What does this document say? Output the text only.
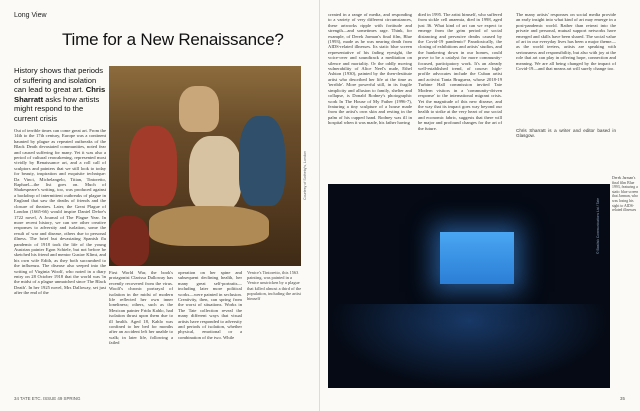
Long View
Time for a New Renaissance?
History shows that periods of suffering and isolation can lead to great art. Chris Sharratt asks how artists might respond to the current crisis
Out of terrible times can come great art. From the 14th to the 17th century, Europe was a continent haunted by plague as repeated outbreaks of the Black Death devastated communities, noted fear and caused suffering for many. Yet it was also a period of cultural reawakening, represented most vividly by Renaissance art, and a roll call of sculptors and painters that we still look to today for beauty, inspiration and exquisite technique: Da Vinci, Michelangelo, Titian, Tintoretto, Raphael—the list goes on. Much of Shakespeare's writing, too, was produced against a backdrop of intermittent outbreaks of plague in England that saw the deaths of friends and the closure of theatres. Later, the Great Plague of London (1665-66) would inspire Daniel Defoe's 1722 novel, A Journal of The Plague Year. In more recent history, we can see other creative responses to adversity and isolation, some the result of war and disease, others due to personal illness. The brief but devastating Spanish flu pandemic of 1918 took the life of the young Austrian painter Egon Schiele, but not before he sketched his friend and mentor Gustav Klimt, and his own wife Edith, as they both succumbed to the influenza. The disease also seeped into the writing of Virginia Woolf, who noted in a diary entry on 28 October 1918 that the world was 'in the midst of a plague unmatched since The Black Death'. In her 1925 novel, Mrs Dalloway, set just after the end of the
Courtesy of Sotheby's, London
Venice's Tintoretto, this 1563 painting, was painted in a Venice unstricken by a plague that killed almost a third of the population, including the artist himself
First World War, the book's protagonist Clarissa Dalloway has recently recovered from the virus. Woolf's chronic portrayal of isolation in the midst of modern life reflected her own inner loneliness; others, such as the Mexican painter Frida Kahlo, had isolation thrust upon them due to ill health. Aged 18, Kahlo was confined to her bed for months after an accident left her unable to walk; in later life, following a failed
operation on her spine and subsequent declining health, her many great self-portraits—including later more political works—were painted in seclusion. Creativity, then, can spring from the worst of situations. Works in The Tate collection reveal the many different ways that visual artists have responded to adversity and periods of isolation, whether physical, emotional or a combination of the two. While
34 TATE ETC. ISSUE 49 SPRING
created in a range of media, and responding to a variety of very different circumstances, these artworks ripple with fortitude and strength—and sometimes rage. Think, for example, of Derek Jarman's final film, Blue (1993), made as he was nearing death from AIDS-related illnesses. Its static blue screen representative of his fading eyesight, the voice-over and soundtrack a meditation on silence and mortality. Or the oddly moving vulnerability of Alice Neel's nude, Ethel Ashton (1930), painted by the then-destitute artist who described her life at the time as 'terrible'. More powerful still, in its fragile simplicity and allusion to family, shelter and collapse, is Donald Rodney's photographic work In The House of My Father (1996-7), featuring a tiny sculpture of a house made from the artist's own skin and resting in the palm of his cupped hand. Rodney was ill in hospital when it was made, his father having
died in 1995. The artist himself, who suffered from sickle cell anaemia, died in 1998, aged just 36. What kind of art can we expect to emerge from the grim period of social distancing and pervasive deaths caused by the Covid-19 pandemic? Paradoxically, the closing of exhibitions and artists' studios, and the hunkering down in our homes, could prove to be a catalyst for more community-focused, participatory work. It's an already well-established trend, of course: high-profile advocates include the Cuban artist and activist Tania Bruguera, whose 2018-19 Turbine Hall commission invited Tate Modern visitors in a 'community-driven response' to the international migrant crisis. Yet the magnitude of this new disease, and the way that its impact goes way beyond our health to strike at the very heart of our social and economic fabric, suggests that there will be major and profound changes for the art of the future.
The many artists' responses on social media provide an early insight into what kind of art may emerge in a post-pandemic world. Rather than retreat into the private and personal, mutual support networks have emerged and skills have been shared. The social value of art in our everyday lives has been a major theme—as the world teeters, artists are speaking with seriousness and responsibility, but also with joy at the role that art can play in offering hope, connection and meaning. We are all being changed by the impact of Covid-19—and that means art will surely change too.
Chris Sharratt is a writer and editor based in Glasgow.
© Basilisk Communications Ltd / Tate
Derek Jarman's final film Blue 1993, featuring a static blue screen that Jarman, who was losing his sight to AIDS-related illnesses
35
